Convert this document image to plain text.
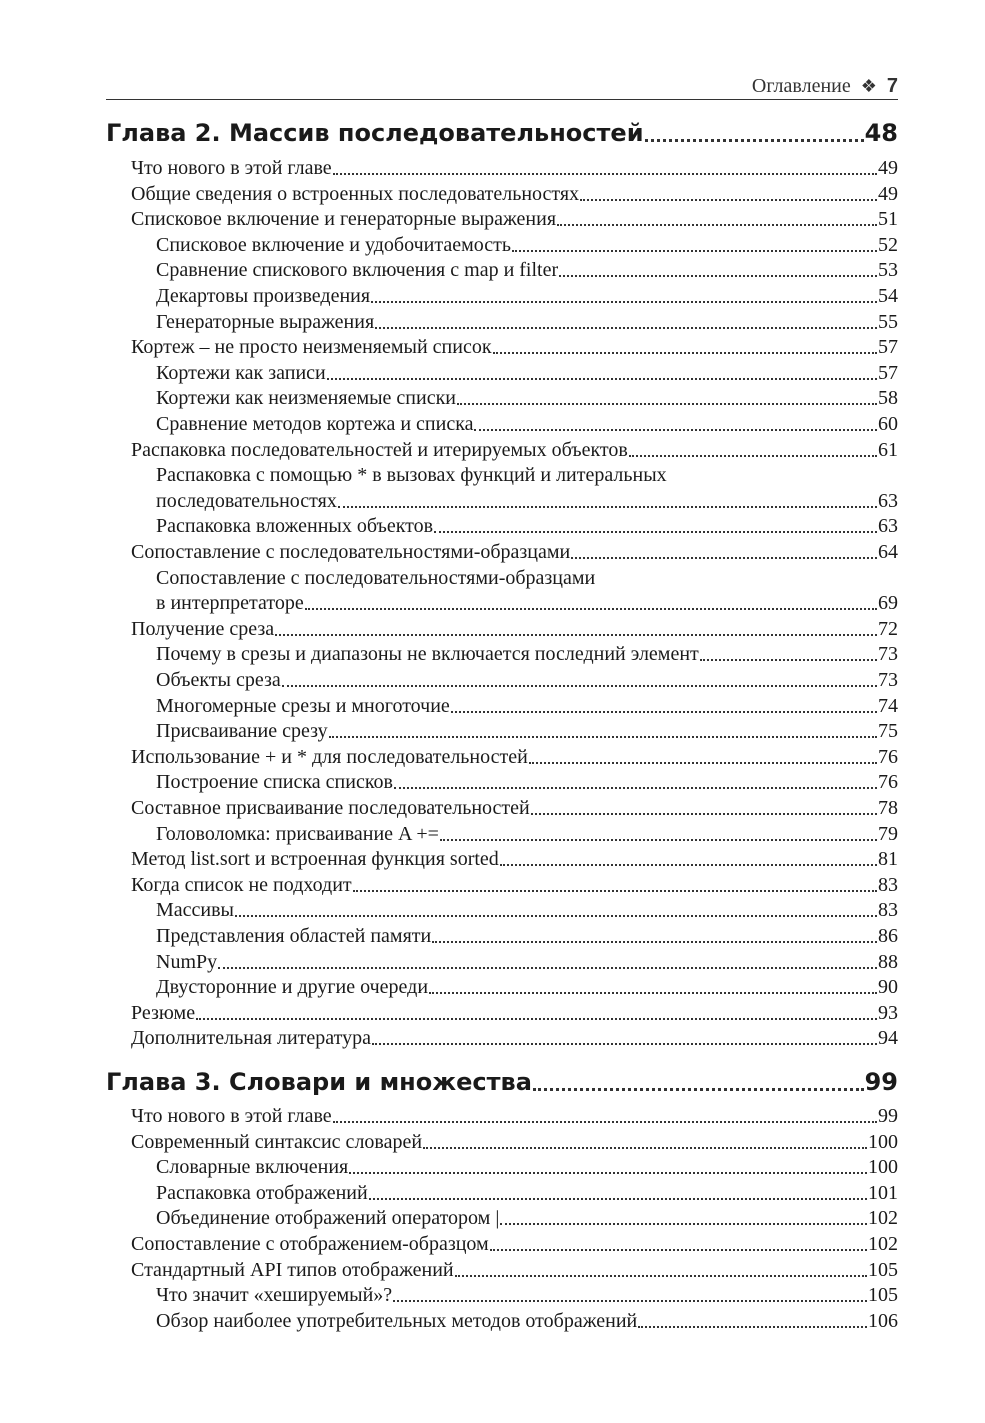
Оглавление ❖ 7
Глава 2. Массив последовательностей	48
Что нового в этой главе	49
Общие сведения о встроенных последовательностях	49
Списковое включение и генераторные выражения	51
Списковое включение и удобочитаемость	52
Сравнение спискового включения с map и filter	53
Декартовы произведения	54
Генераторные выражения	55
Кортеж – не просто неизменяемый список	57
Кортежи как записи	57
Кортежи как неизменяемые списки	58
Сравнение методов кортежа и списка	60
Распаковка последовательностей и итерируемых объектов	61
Распаковка с помощью * в вызовах функций и литеральных
последовательностях	63
Распаковка вложенных объектов	63
Сопоставление с последовательностями-образцами	64
Сопоставление с последовательностями-образцами
в интерпретаторе	69
Получение среза	72
Почему в срезы и диапазоны не включается последний элемент	73
Объекты среза	73
Многомерные срезы и многоточие	74
Присваивание срезу	75
Использование + и * для последовательностей	76
Построение списка списков	76
Составное присваивание последовательностей	78
Головоломка: присваивание A +=	79
Метод list.sort и встроенная функция sorted	81
Когда список не подходит	83
Массивы	83
Представления областей памяти	86
NumPy	88
Двусторонние и другие очереди	90
Резюме	93
Дополнительная литература	94
Глава 3. Словари и множества	99
Что нового в этой главе	99
Современный синтаксис словарей	100
Словарные включения	100
Распаковка отображений	101
Объединение отображений оператором |	102
Сопоставление с отображением-образцом	102
Стандартный API типов отображений	105
Что значит «хешируемый»?	105
Обзор наиболее употребительных методов отображений	106
